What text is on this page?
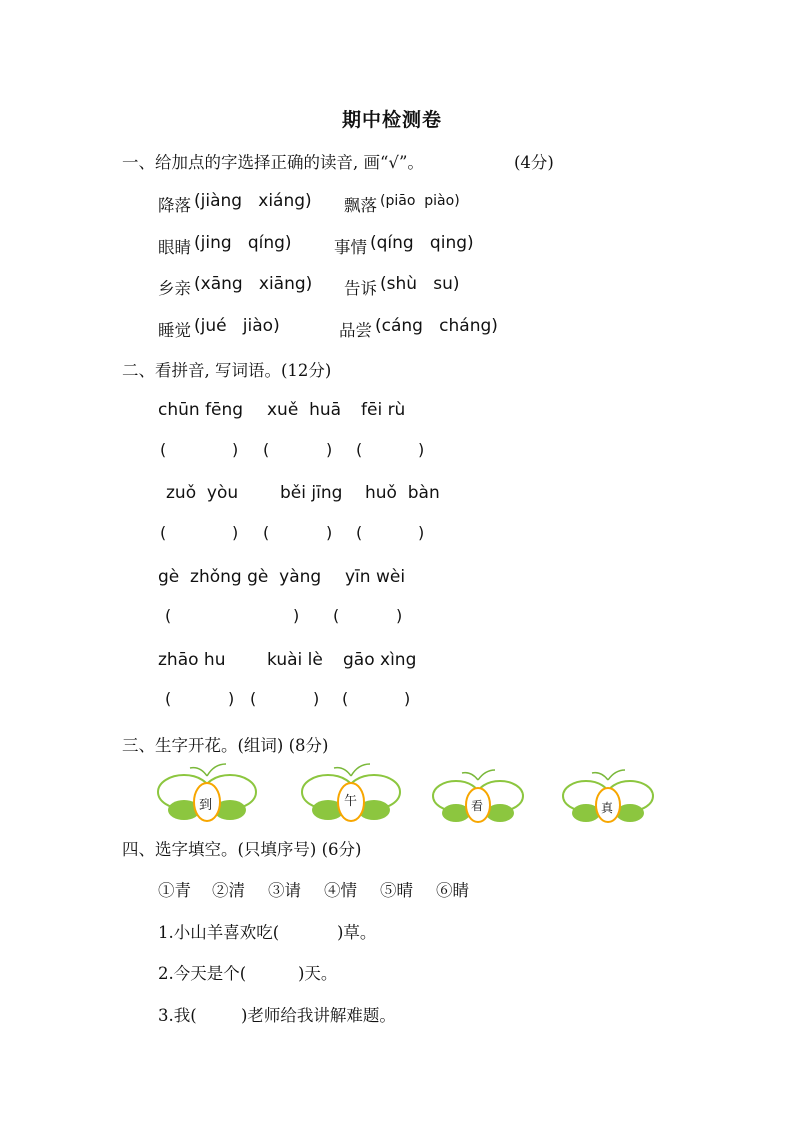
期中检测卷
一、给加点的字选择正确的读音, 画“√”。	(4分)
降落 (jiàng   xiáng) 飘落 (piāo  piào)
眼睛 (jing   qíng)	事情 (qíng   qing)
乡亲 (xāng   xiāng) 告诉 (shù   su)
睡觉 (jué   jiào)	品尝 (cáng   cháng)
二、看拼音, 写词语。(12分)
chūn fēng xuě  huā fēi rù
(	) (	) (	)
zuǒ  yòu běi jīng huǒ  bàn
(	) (	) (	)
gè  zhǒng gè  yàng yīn wèi
(	) (	)
zhāo hu kuài lè gāo xìng
(	) (	) (	)
三、生字开花。(组词) (8分)
到	午	看	真
四、选字填空。(只填序号) (6分)
①青 ②清 ③请 ④情 ⑤晴 ⑥睛
1.小山羊喜欢吃(	)草。
2.今天是个(	)天。
3.我(	)老师给我讲解难题。
